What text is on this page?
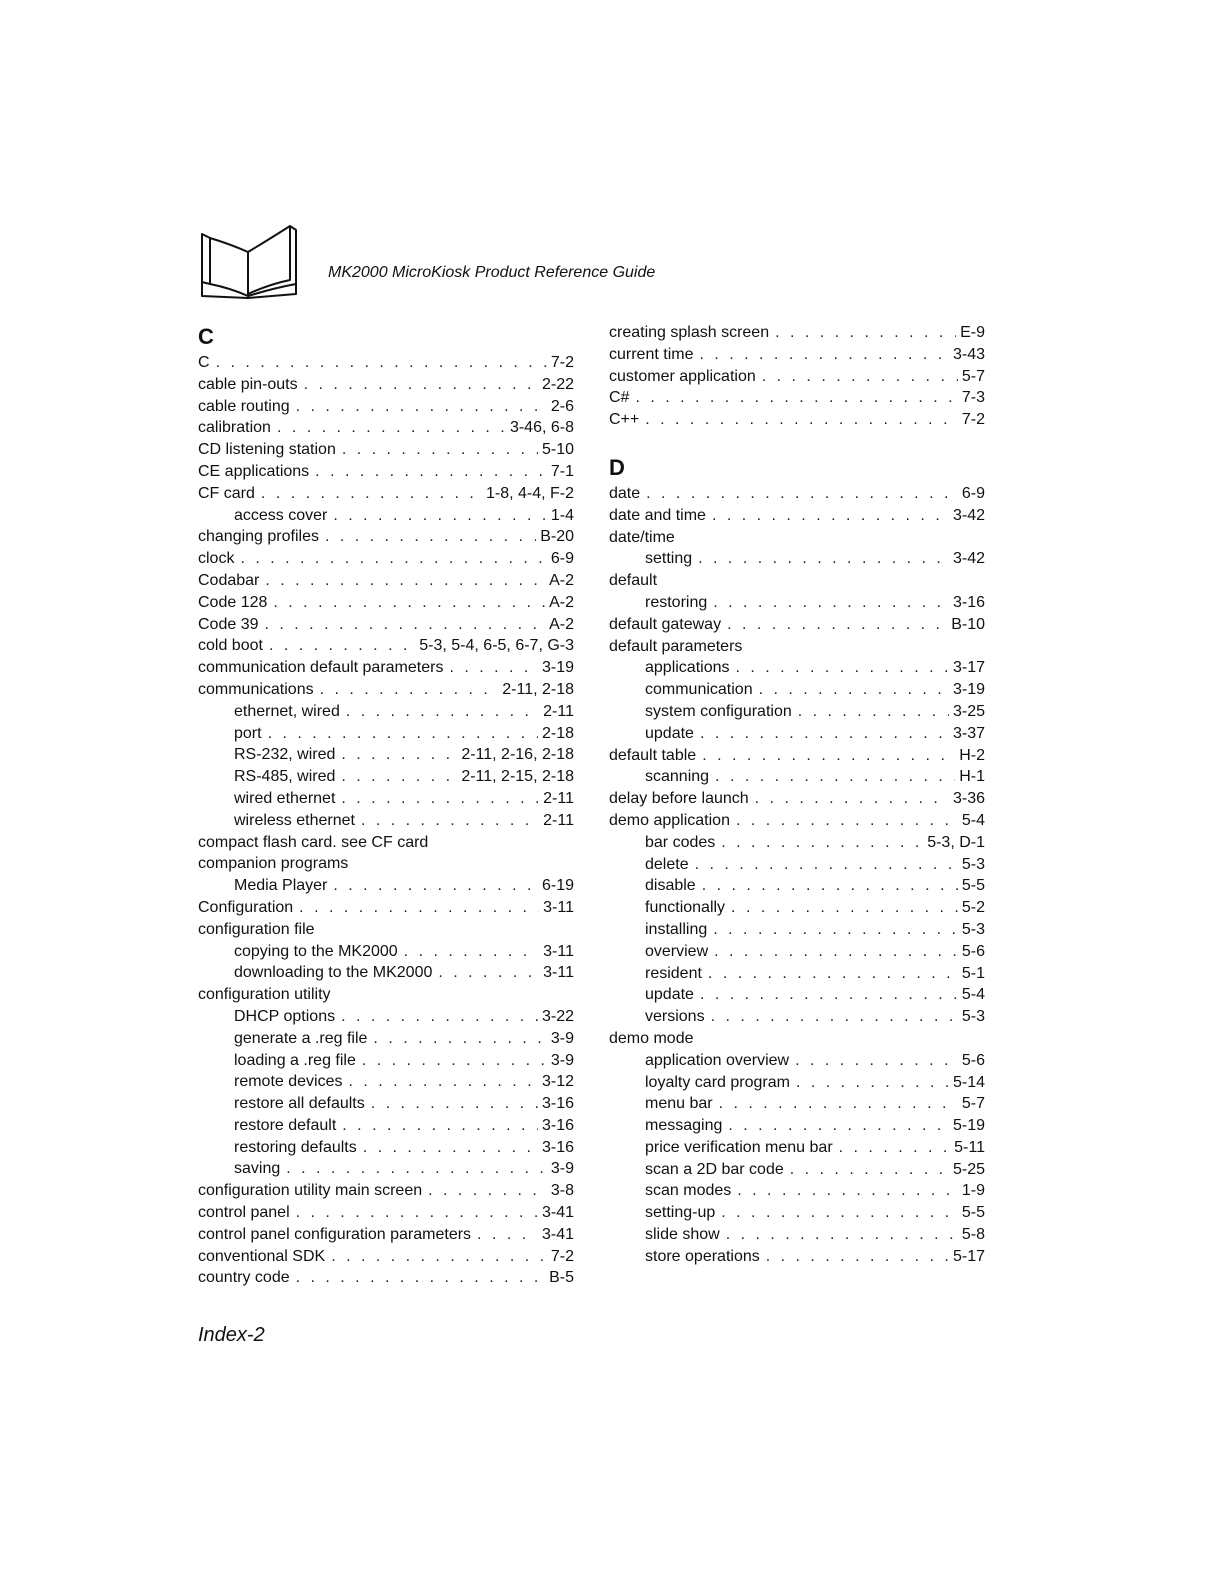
MK2000 MicroKiosk Product Reference Guide
C
C . . .	7-2
cable pin-outs . . .	2-22
cable routing . . .	2-6
calibration . . .	3-46, 6-8
CD listening station . . .	5-10
CE applications . . .	7-1
CF card . . .	1-8, 4-4, F-2
access cover . . .	1-4
changing profiles . . .	B-20
clock . . .	6-9
Codabar . . .	A-2
Code 128 . . .	A-2
Code 39 . . .	A-2
cold boot . . .	5-3, 5-4, 6-5, 6-7, G-3
communication default parameters . . .	3-19
communications . . .	2-11, 2-18
ethernet, wired . . .	2-11
port . . .	2-18
RS-232, wired . . .	2-11, 2-16, 2-18
RS-485, wired . . .	2-11, 2-15, 2-18
wired ethernet . . .	2-11
wireless ethernet . . .	2-11
compact flash card. see CF card
companion programs
Media Player . . .	6-19
Configuration . . .	3-11
configuration file
copying to the MK2000 . . .	3-11
downloading to the MK2000 . . .	3-11
configuration utility
DHCP options . . .	3-22
generate a .reg file . . .	3-9
loading a .reg file . . .	3-9
remote devices . . .	3-12
restore all defaults . . .	3-16
restore default . . .	3-16
restoring defaults . . .	3-16
saving . . .	3-9
configuration utility main screen . . .	3-8
control panel . . .	3-41
control panel configuration parameters . . .	3-41
conventional SDK . . .	7-2
country code . . .	B-5
creating splash screen . . .	E-9
current time . . .	3-43
customer application . . .	5-7
C# . . .	7-3
C++ . . .	7-2
D
date . . .	6-9
date and time . . .	3-42
date/time
setting . . .	3-42
default
restoring . . .	3-16
default gateway . . .	B-10
default parameters
applications . . .	3-17
communication . . .	3-19
system configuration . . .	3-25
update . . .	3-37
default table . . .	H-2
scanning . . .	H-1
delay before launch . . .	3-36
demo application . . .	5-4
bar codes . . .	5-3, D-1
delete . . .	5-3
disable . . .	5-5
functionally . . .	5-2
installing . . .	5-3
overview . . .	5-6
resident . . .	5-1
update . . .	5-4
versions . . .	5-3
demo mode
application overview . . .	5-6
loyalty card program . . .	5-14
menu bar . . .	5-7
messaging . . .	5-19
price verification menu bar . . .	5-11
scan a 2D bar code . . .	5-25
scan modes . . .	1-9
setting-up . . .	5-5
slide show . . .	5-8
store operations . . .	5-17
Index-2
